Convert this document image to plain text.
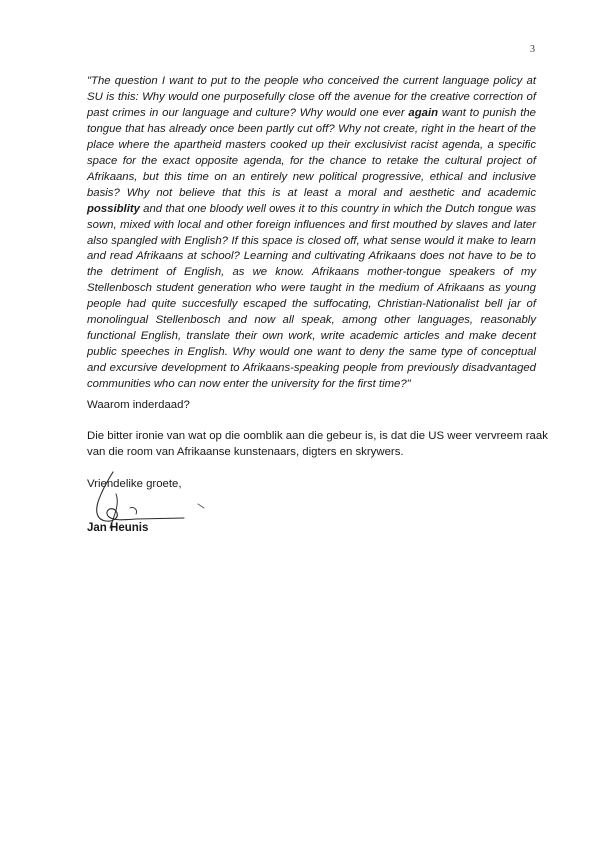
3

"The question I want to put to the people who conceived the current language policy at SU is this: Why would one purposefully close off the avenue for the creative correction of past crimes in our language and culture? Why would one ever again want to punish the tongue that has already once been partly cut off? Why not create, right in the heart of the place where the apartheid masters cooked up their exclusivist racist agenda, a specific space for the exact opposite agenda, for the chance to retake the cultural project of Afrikaans, but this time on an entirely new political progressive, ethical and inclusive basis? Why not believe that this is at least a moral and aesthetic and academic possiblity and that one bloody well owes it to this country in which the Dutch tongue was sown, mixed with local and other foreign influences and first mouthed by slaves and later also spangled with English? If this space is closed off, what sense would it make to learn and read Afrikaans at school? Learning and cultivating Afrikaans does not have to be to the detriment of English, as we know. Afrikaans mother-tongue speakers of my Stellenbosch student generation who were taught in the medium of Afrikaans as young people had quite succesfully escaped the suffocating, Christian-Nationalist bell jar of monolingual Stellenbosch and now all speak, among other languages, reasonably functional English, translate their own work, write academic articles and make decent public speeches in English. Why would one want to deny the same type of conceptual and excursive development to Afrikaans-speaking people from previously disadvantaged communities who can now enter the university for the first time?"

Waarom inderdaad?

Die bitter ironie van wat op die oomblik aan die gebeur is, is dat die US weer vervreem raak van die room van Afrikaanse kunstenaars, digters en skrywers.

Vriendelike groete,

Jan Heunis
